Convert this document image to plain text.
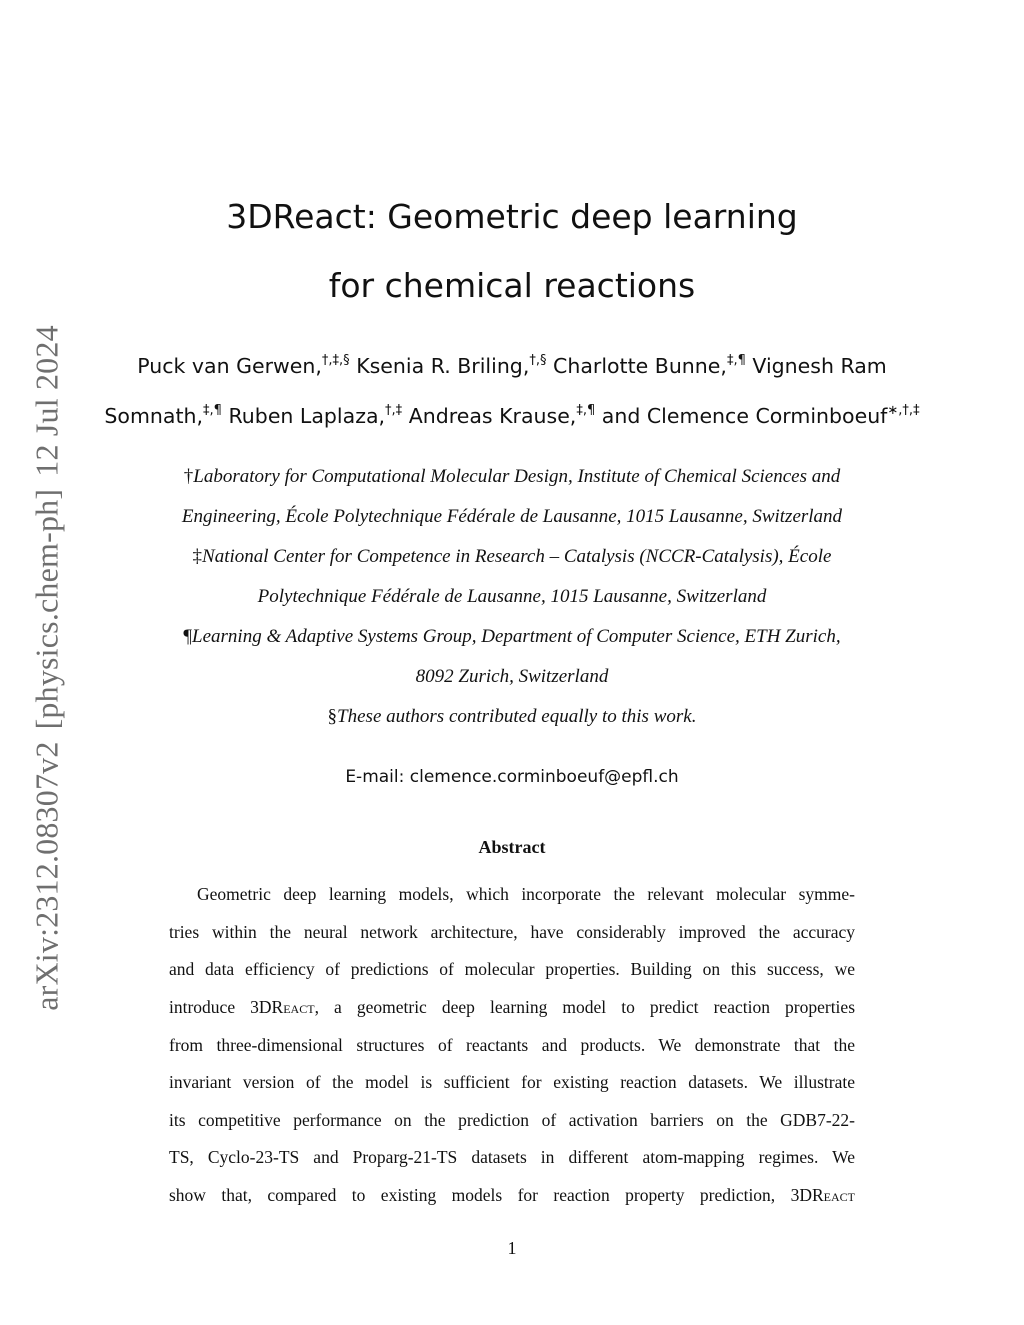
arXiv:2312.08307v2[physics.chem-ph]12 Jul 2024
3DReact: Geometric deep learning
for chemical reactions
Puck van Gerwen,†,‡,§ Ksenia R. Briling,†,§ Charlotte Bunne,‡,¶ Vignesh Ram
Somnath,‡,¶ Ruben Laplaza,†,‡ Andreas Krause,‡,¶ and Clemence Corminboeuf∗,†,‡
†Laboratory for Computational Molecular Design, Institute of Chemical Sciences and
Engineering, École Polytechnique Fédérale de Lausanne, 1015 Lausanne, Switzerland
‡National Center for Competence in Research – Catalysis (NCCR-Catalysis), École
Polytechnique Fédérale de Lausanne, 1015 Lausanne, Switzerland
¶Learning & Adaptive Systems Group, Department of Computer Science, ETH Zurich,
8092 Zurich, Switzerland
§These authors contributed equally to this work.
E-mail: clemence.corminboeuf@epfl.ch
Abstract
Geometric deep learning models, which incorporate the relevant molecular symme-
tries within the neural network architecture, have considerably improved the accuracy
and data efficiency of predictions of molecular properties. Building on this success, we
introduce 3DReact, a geometric deep learning model to predict reaction properties
from three-dimensional structures of reactants and products. We demonstrate that the
invariant version of the model is sufficient for existing reaction datasets. We illustrate
its competitive performance on the prediction of activation barriers on the GDB7-22-
TS, Cyclo-23-TS and Proparg-21-TS datasets in different atom-mapping regimes. We
show that, compared to existing models for reaction property prediction, 3DReact
1
